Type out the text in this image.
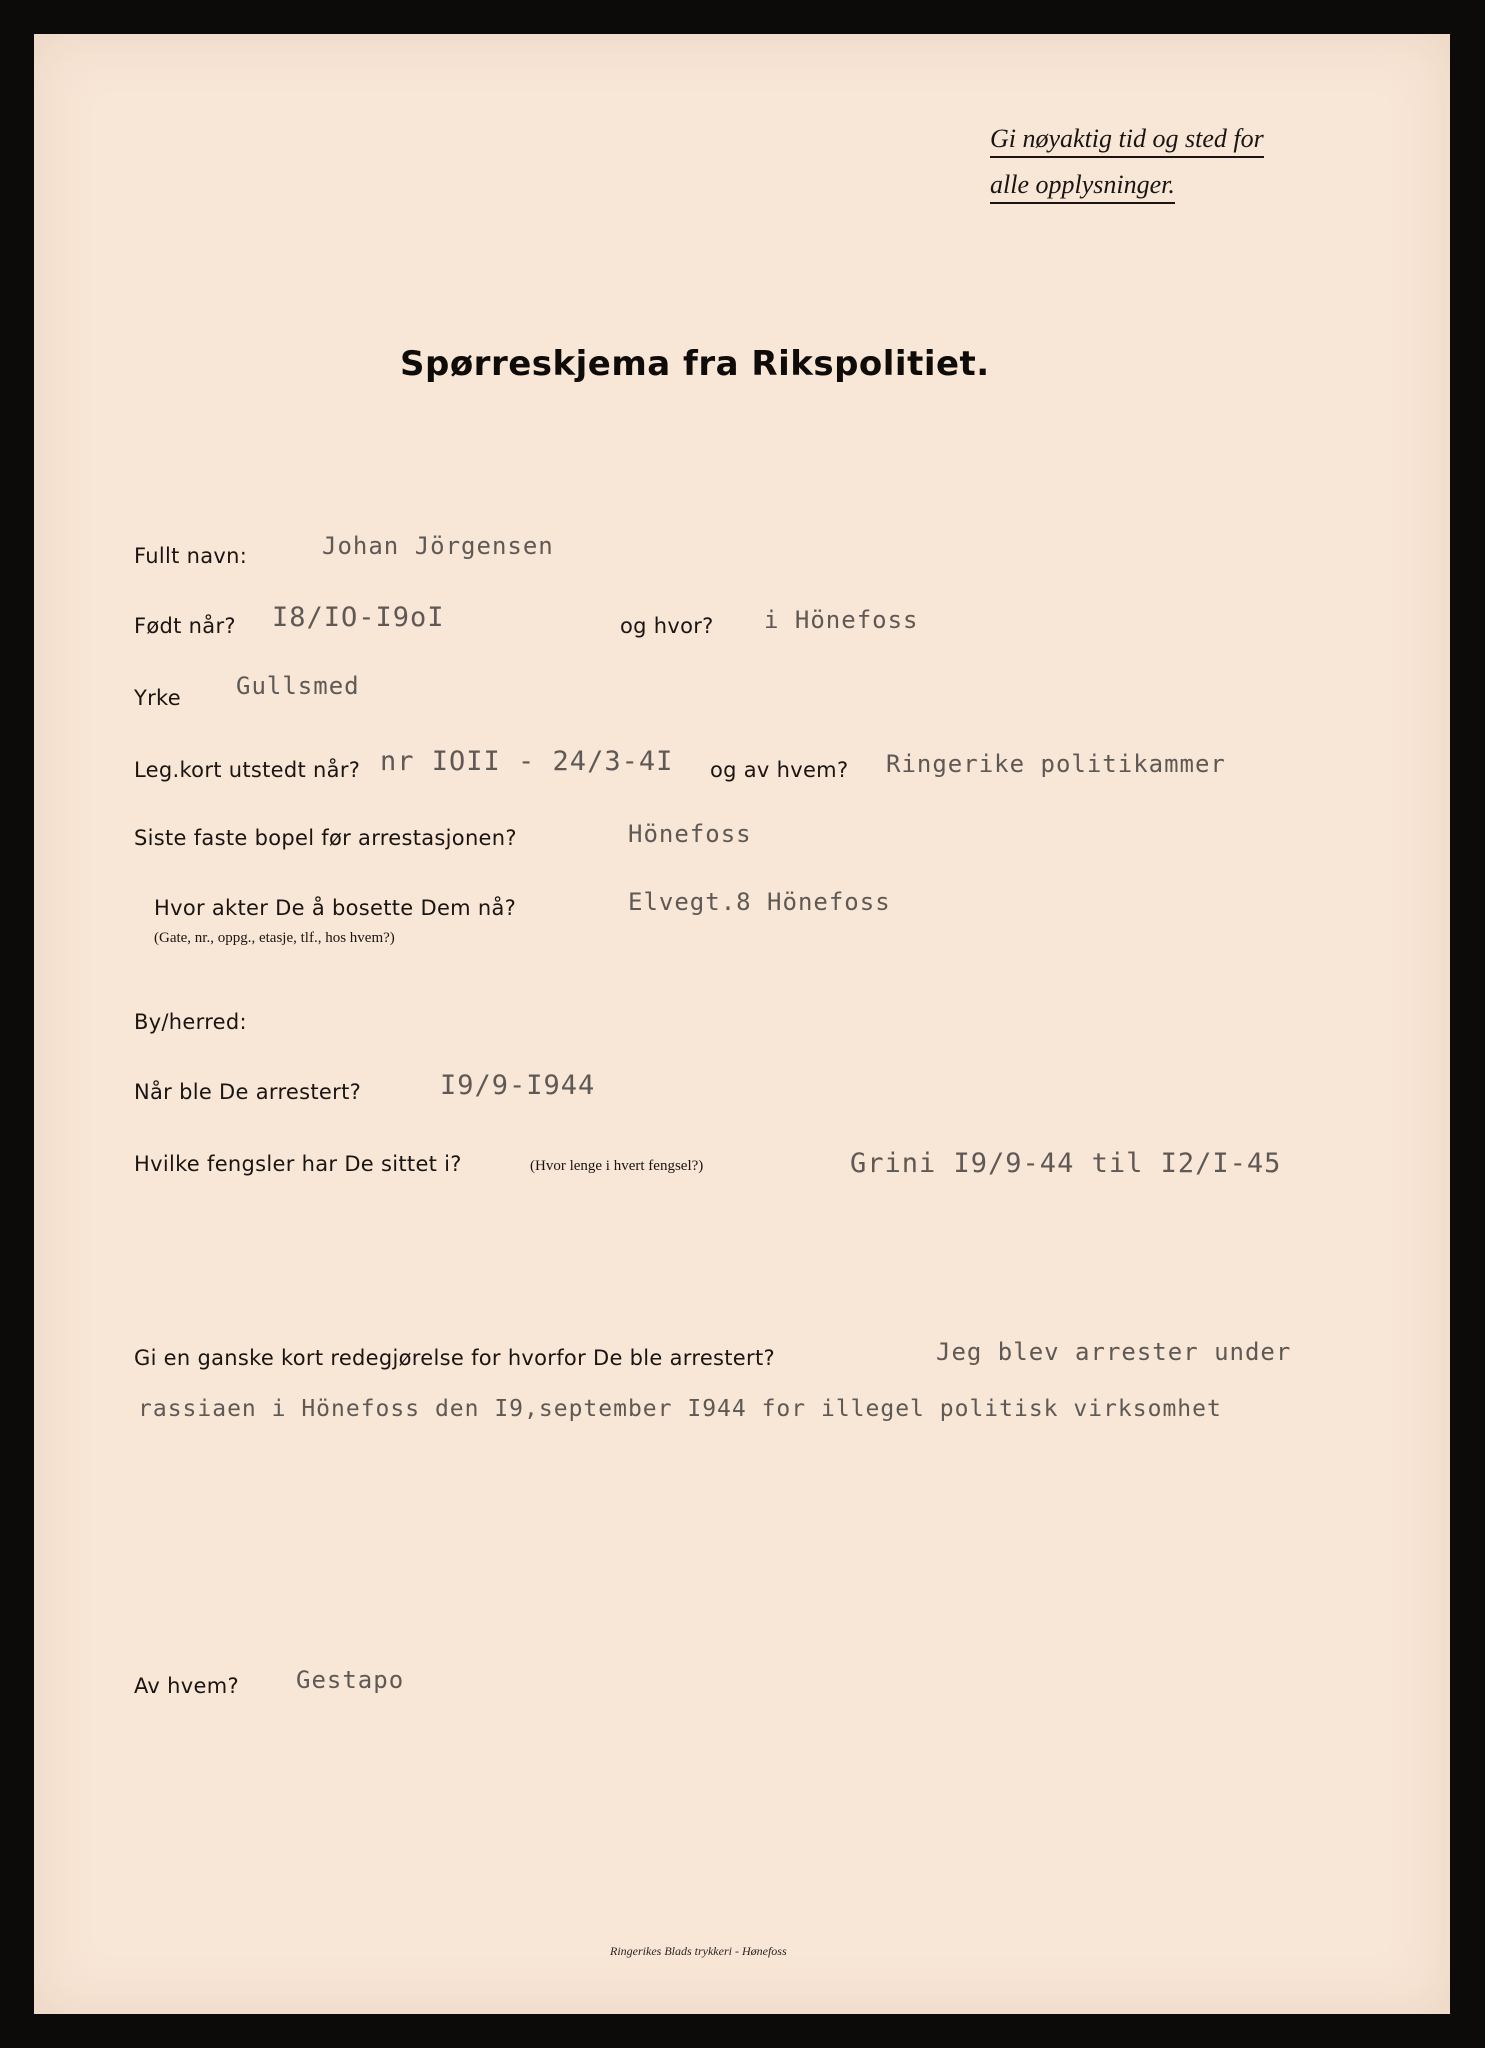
Gi nøyaktig tid og sted for
alle opplysninger.
Spørreskjema fra Rikspolitiet.
Fullt navn:	Johan Jörgensen
Født når? I8/IO-I9oI	og hvor? i Hönefoss
Yrke Gullsmed
Leg.kort utstedt når? nr IOII - 24/3-4I og av hvem? Ringerike politikammer
Siste faste bopel før arrestasjonen?	Hönefoss
Hvor akter De å bosette Dem nå?
(Gate, nr., oppg., etasje, tlf., hos hvem?)
Elvegt.8 Hönefoss
By/herred:
Når ble De arrestert?	I9/9-I944
Hvilke fengsler har De sittet i?	(Hvor lenge i hvert fengsel?)	Grini I9/9-44 til I2/I-45
Gi en ganske kort redegjørelse for hvorfor De ble arrestert?	Jeg blev arrester under
rassiaen i Hönefoss den I9,september I944 for illegel politisk virksomhet
Av hvem? Gestapo
Ringerikes Blads trykkeri - Hønefoss
